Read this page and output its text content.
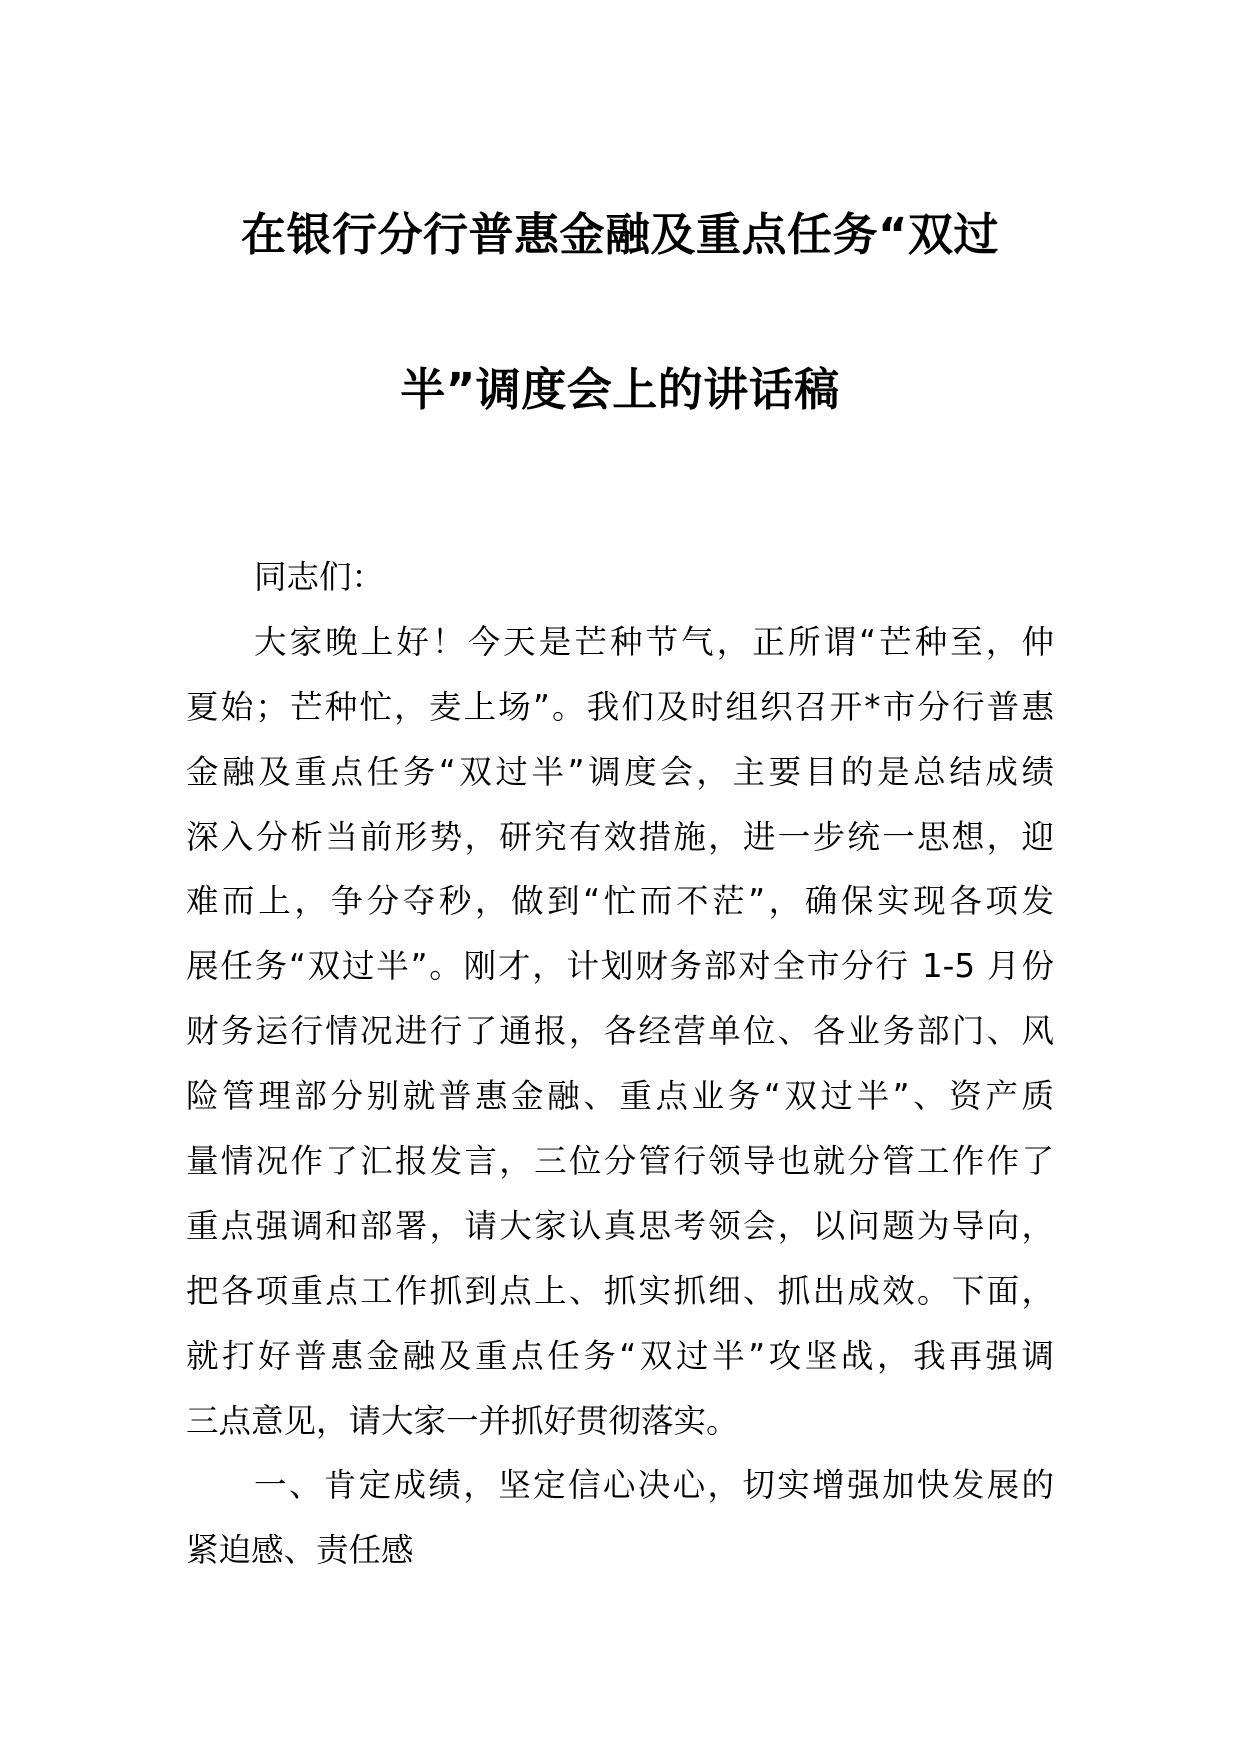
在银行分行普惠金融及重点任务“双过
半”调度会上的讲话稿
同志们：
大家晚上好！今天是芒种节气，正所谓“芒种至，仲
夏始；芒种忙，麦上场”。我们及时组织召开*市分行普惠
金融及重点任务“双过半”调度会，主要目的是总结成绩
深入分析当前形势，研究有效措施，进一步统一思想，迎
难而上，争分夺秒，做到“忙而不茫”，确保实现各项发
展任务“双过半”。刚才，计划财务部对全市分行 1-5 月份
财务运行情况进行了通报，各经营单位、各业务部门、风
险管理部分别就普惠金融、重点业务“双过半”、资产质
量情况作了汇报发言，三位分管行领导也就分管工作作了
重点强调和部署，请大家认真思考领会，以问题为导向，
把各项重点工作抓到点上、抓实抓细、抓出成效。下面，
就打好普惠金融及重点任务“双过半”攻坚战，我再强调
三点意见，请大家一并抓好贯彻落实。
一、肯定成绩，坚定信心决心，切实增强加快发展的
紧迫感、责任感
